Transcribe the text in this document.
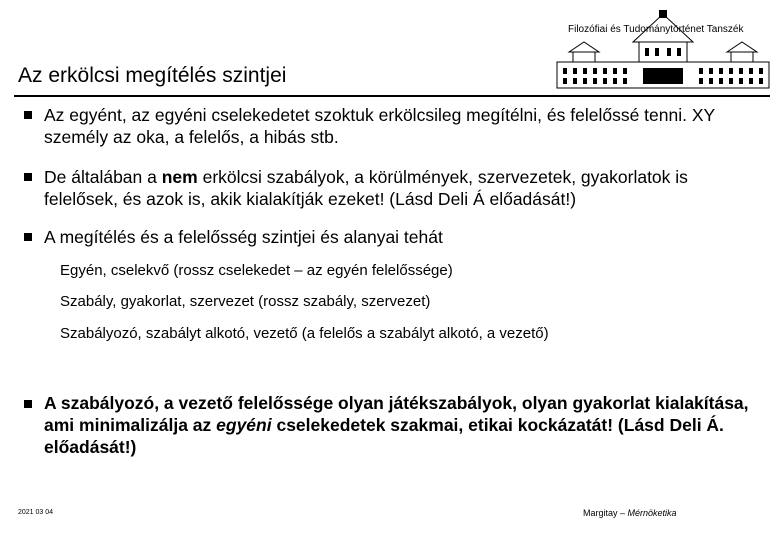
Az erkölcsi megítélés szintjei
Filozófiai és Tudománytörténet Tanszék
Az egyént, az egyéni cselekedetet szoktuk erkölcsileg megítélni, és felelőssé tenni. XY személy az oka, a felelős, a hibás stb.
De általában a nem erkölcsi szabályok, a körülmények, szervezetek, gyakorlatok is felelősek, és azok is, akik kialakítják ezeket! (Lásd Deli Á előadását!)
A megítélés és a felelősség szintjei és alanyai tehát
Egyén, cselekvő (rossz cselekedet – az egyén felelőssége)
Szabály, gyakorlat, szervezet (rossz szabály, szervezet)
Szabályozó, szabályt alkotó, vezető (a felelős a szabályt alkotó, a vezető)
A szabályozó, a vezető felelőssége olyan játékszabályok, olyan gyakorlat kialakítása, ami minimalizálja az egyéni cselekedetek szakmai, etikai kockázatát! (Lásd Deli Á. előadását!)
2021 03 04	Margitay – Mérnöketika
